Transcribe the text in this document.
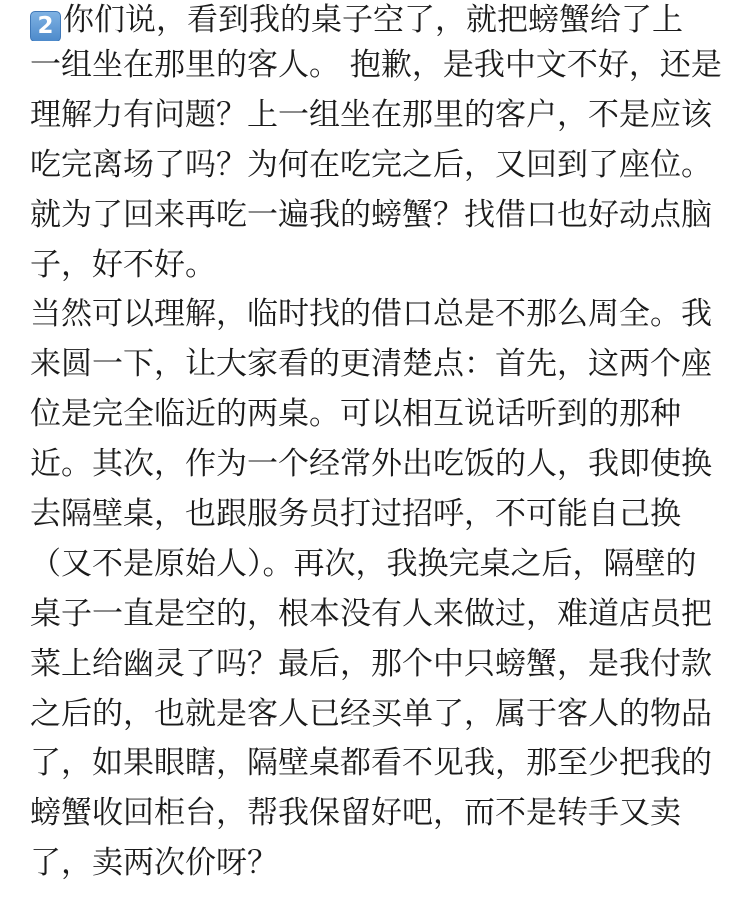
2 你们说，看到我的桌子空了，就把螃蟹给了上
一组坐在那里的客人。 抱歉，是我中文不好，还是
理解力有问题？上一组坐在那里的客户，不是应该
吃完离场了吗？为何在吃完之后，又回到了座位。
就为了回来再吃一遍我的螃蟹？找借口也好动点脑
子，好不好。
当然可以理解，临时找的借口总是不那么周全。我
来圆一下，让大家看的更清楚点：首先，这两个座
位是完全临近的两桌。可以相互说话听到的那种
近。其次，作为一个经常外出吃饭的人，我即使换
去隔壁桌，也跟服务员打过招呼，不可能自己换
（又不是原始人）。再次，我换完桌之后，隔壁的
桌子一直是空的，根本没有人来做过，难道店员把
菜上给幽灵了吗？最后，那个中只螃蟹，是我付款
之后的，也就是客人已经买单了，属于客人的物品
了，如果眼瞎，隔壁桌都看不见我，那至少把我的
螃蟹收回柜台，帮我保留好吧，而不是转手又卖
了，卖两次价呀？
